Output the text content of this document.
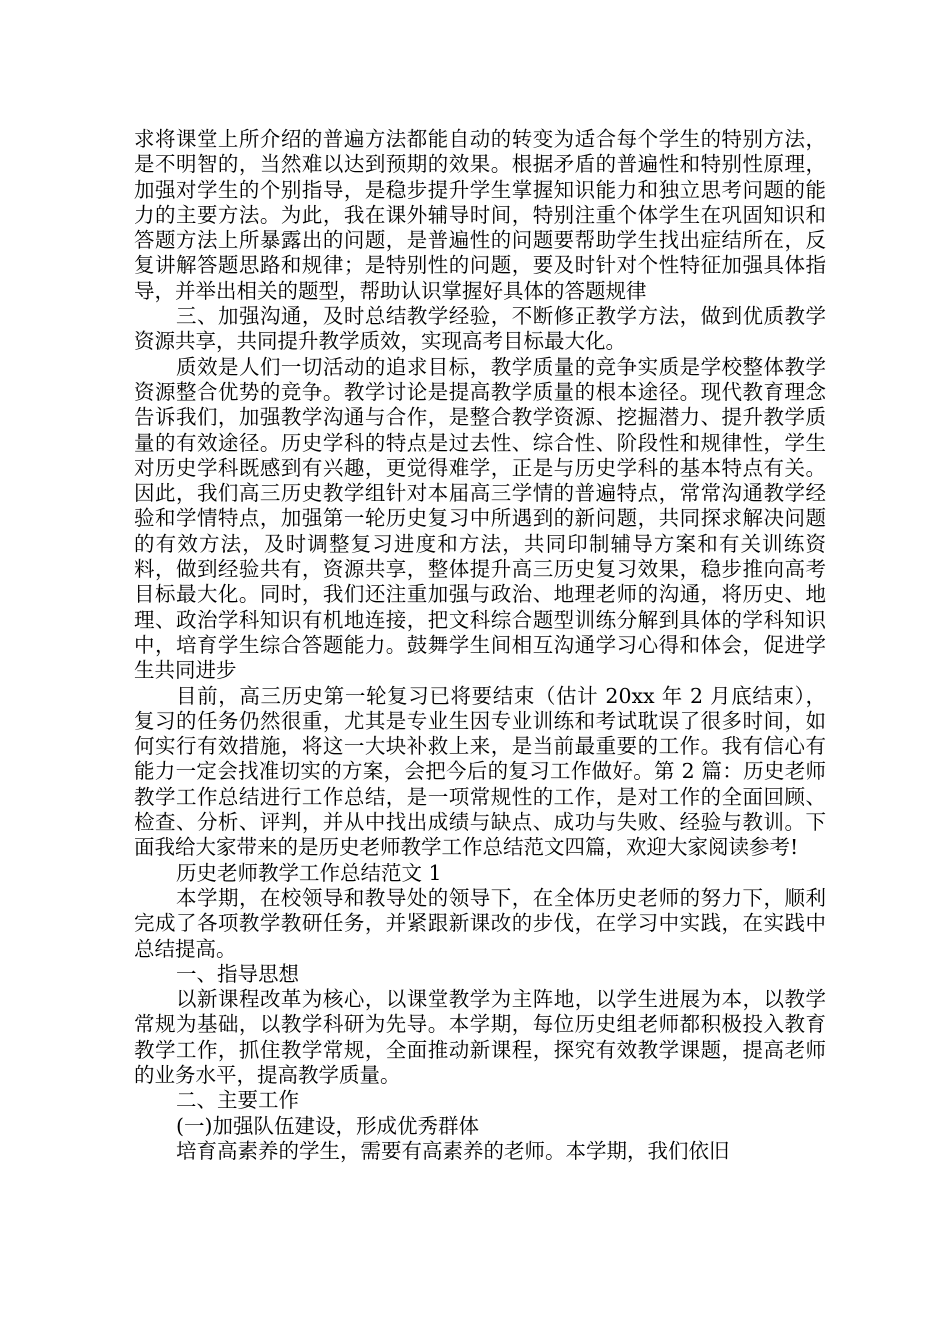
求将课堂上所介绍的普遍方法都能自动的转变为适合每个学生的特别方法，是不明智的，当然难以达到预期的效果。根据矛盾的普遍性和特别性原理，加强对学生的个别指导，是稳步提升学生掌握知识能力和独立思考问题的能力的主要方法。为此，我在课外辅导时间，特别注重个体学生在巩固知识和答题方法上所暴露出的问题，是普遍性的问题要帮助学生找出症结所在，反复讲解答题思路和规律；是特别性的问题，要及时针对个性特征加强具体指导，并举出相关的题型，帮助认识掌握好具体的答题规律

三、加强沟通，及时总结教学经验，不断修正教学方法，做到优质教学资源共享，共同提升教学质效，实现高考目标最大化。

质效是人们一切活动的追求目标，教学质量的竞争实质是学校整体教学资源整合优势的竞争。教学讨论是提高教学质量的根本途径。现代教育理念告诉我们，加强教学沟通与合作，是整合教学资源、挖掘潜力、提升教学质量的有效途径。历史学科的特点是过去性、综合性、阶段性和规律性，学生对历史学科既感到有兴趣，更觉得难学，正是与历史学科的基本特点有关。因此，我们高三历史教学组针对本届高三学情的普遍特点，常常沟通教学经验和学情特点，加强第一轮历史复习中所遇到的新问题，共同探求解决问题的有效方法，及时调整复习进度和方法，共同印制辅导方案和有关训练资料，做到经验共有，资源共享，整体提升高三历史复习效果，稳步推向高考目标最大化。同时，我们还注重加强与政治、地理老师的沟通，将历史、地理、政治学科知识有机地连接，把文科综合题型训练分解到具体的学科知识中，培育学生综合答题能力。鼓舞学生间相互沟通学习心得和体会，促进学生共同进步

目前，高三历史第一轮复习已将要结束（估计 20xx 年 2 月底结束），复习的任务仍然很重，尤其是专业生因专业训练和考试耽误了很多时间，如何实行有效措施，将这一大块补救上来，是当前最重要的工作。我有信心有能力一定会找准切实的方案，会把今后的复习工作做好。第 2 篇：历史老师教学工作总结进行工作总结，是一项常规性的工作，是对工作的全面回顾、检查、分析、评判，并从中找出成绩与缺点、成功与失败、经验与教训。下面我给大家带来的是历史老师教学工作总结范文四篇，欢迎大家阅读参考!

历史老师教学工作总结范文 1

本学期，在校领导和教导处的领导下，在全体历史老师的努力下，顺利完成了各项教学教研任务，并紧跟新课改的步伐，在学习中实践，在实践中总结提高。

一、指导思想

以新课程改革为核心，以课堂教学为主阵地，以学生进展为本，以教学常规为基础，以教学科研为先导。本学期，每位历史组老师都积极投入教育教学工作，抓住教学常规，全面推动新课程，探究有效教学课题，提高老师的业务水平，提高教学质量。

二、主要工作

(一)加强队伍建设，形成优秀群体

培育高素养的学生，需要有高素养的老师。本学期，我们依旧
